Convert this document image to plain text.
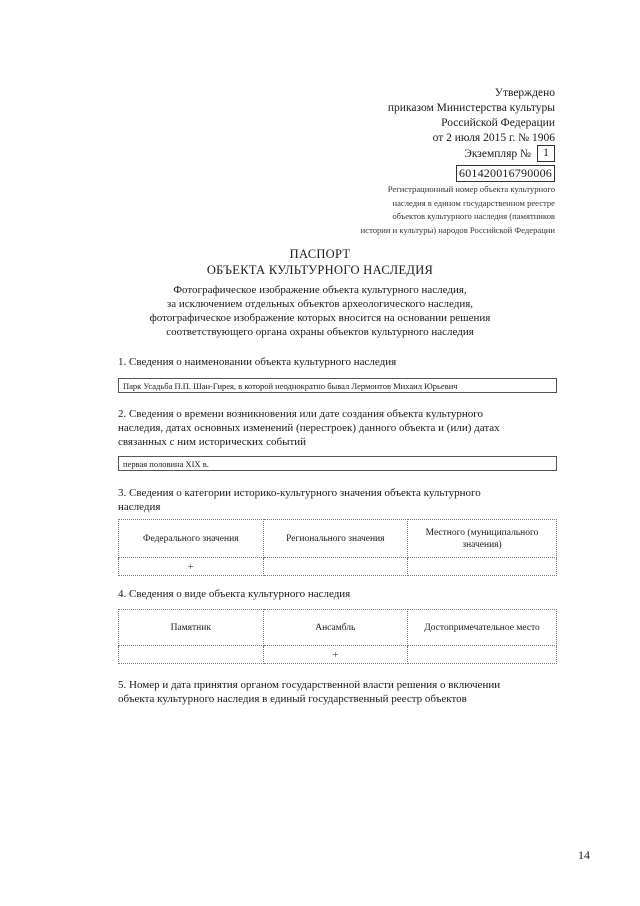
Утверждено
приказом Министерства культуры
Российской Федерации
от 2 июля 2015 г. № 1906
Экземпляр №	1
601420016790006
Регистрационный номер объекта культурного
наследия в едином государственном реестре
объектов культурного наследия (памятников
истории и культуры) народов Российской Федерации
ПАСПОРТ
ОБЪЕКТА КУЛЬТУРНОГО НАСЛЕДИЯ
Фотографическое изображение объекта культурного наследия,
за исключением отдельных объектов археологического наследия,
фотографическое изображение которых вносится на основании решения
соответствующего органа охраны объектов культурного наследия
1. Сведения о наименовании объекта культурного наследия
Парк Усадьба П.П. Шан-Гирея, в которой неоднократно бывал Лермонтов Михаил Юрьевич
2. Сведения о времени возникновения или дате создания объекта культурного
наследия, датах основных изменений (перестроек) данного объекта и (или) датах
связанных с ним исторических событий
первая половина XIX в.
3. Сведения о категории историко-культурного значения объекта культурного
наследия
Федерального значения	Регионального значения	Местного (муниципального значения)
+		
4. Сведения о виде объекта культурного наследия
Памятник	Ансамбль	Достопримечательное место
	+	
5. Номер и дата принятия органом государственной власти решения о включении
объекта культурного наследия в единый государственный реестр объектов
14
